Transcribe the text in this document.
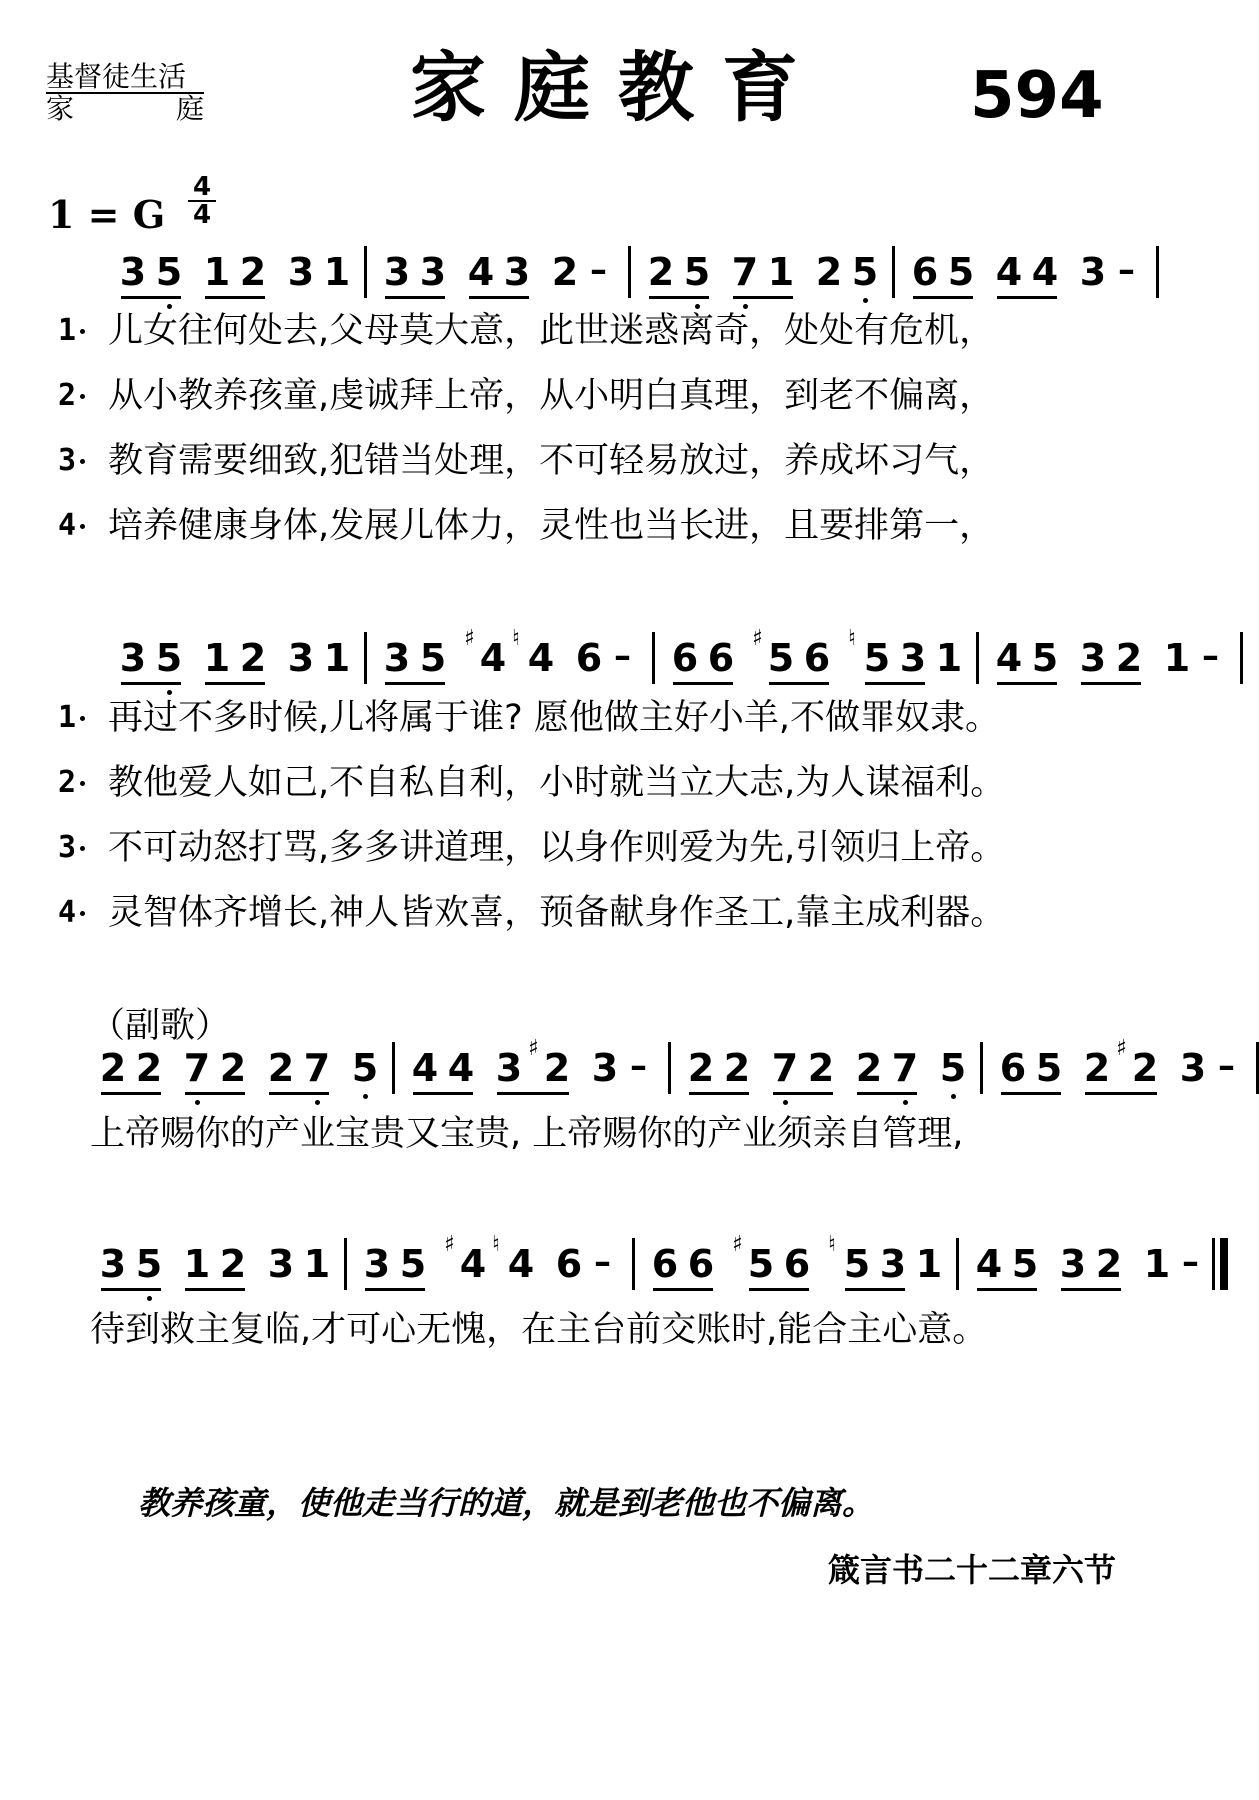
基督徒生活
家	庭	家庭教育 594
1 = G $\frac{4}{4}$
3 5 1 2 3 1 3 3 4 3 2 – 2 5 7 1 2 5 6 5 4 4 3 –
1 儿女往何处去,父母莫大意，此世迷惑离奇，处处有危机，
2 从小教养孩童,虔诚拜上帝，从小明白真理，到老不偏离，
3 教育需要细致,犯错当处理，不可轻易放过，养成坏习气，
4 培养健康身体,发展儿体力，灵性也当长进，且要排第一，
3 5 1 2 3 1 3 5 ♯ 4 ♮ 4 6 – 6 6 ♯ 5 6 ♮ 5 3 1 4 5 3 2 1 –
1 再过不多时候,儿将属于谁? 愿他做主好小羊,不做罪奴隶。
2 教他爱人如己,不自私自利，小时就当立大志,为人谋福利。
3 不可动怒打骂,多多讲道理，以身作则爱为先,引领归上帝。
4 灵智体齐增长,神人皆欢喜，预备献身作圣工,靠主成利器。
（副歌）
2 2 7 2 2 7 5 4 4 3 ♯ 2 3 – 2 2 7 2 2 7 5 6 5 2 ♯ 2 3 –
上帝赐你的产业宝贵又宝贵, 上帝赐你的产业须亲自管理,
3 5 1 2 3 1 3 5 ♯ 4 ♮ 4 6 – 6 6 ♯ 5 6 ♮ 5 3 1 4 5 3 2 1 –
待到救主复临,才可心无愧，在主台前交账时,能合主心意。
教养孩童，使他走当行的道，就是到老他也不偏离。
箴言书二十二章六节
